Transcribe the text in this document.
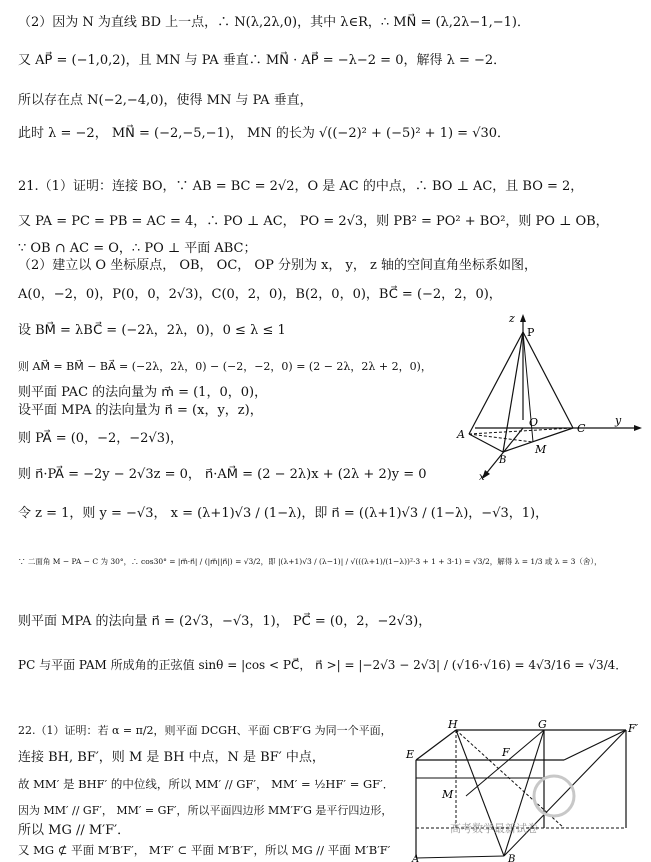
（2）因为 N 为直线 BD 上一点，∴ N(λ,2λ,0)，其中 λ∈R，∴ MN⃗ = (λ,2λ−1,−1)．
又 AP⃗ = (−1,0,2)，且 MN 与 PA 垂直∴ MN⃗ · AP⃗ = −λ−2 = 0，解得 λ = −2．
所以存在点 N(−2,−4,0)，使得 MN 与 PA 垂直，
此时 λ = −2， MN⃗ = (−2,−5,−1)， MN 的长为 √((−2)² + (−5)² + 1) = √30．
21.（1）证明：连接 BO，∵ AB = BC = 2√2，O 是 AC 的中点，∴ BO ⊥ AC，且 BO = 2，
又 PA = PC = PB = AC = 4，∴ PO ⊥ AC， PO = 2√3，则 PB² = PO² + BO²，则 PO ⊥ OB，
∵ OB ∩ AC = O，∴ PO ⊥ 平面 ABC；
（2）建立以 O 坐标原点， OB， OC， OP 分别为 x， y， z 轴的空间直角坐标系如图，
A(0，−2，0)，P(0，0，2√3)，C(0，2，0)，B(2，0，0)，BC⃗ = (−2，2，0)，
设 BM⃗ = λBC⃗ = (−2λ，2λ，0)，0 ≤ λ ≤ 1
则 AM⃗ = BM⃗ − BA⃗ = (−2λ，2λ，0) − (−2，−2，0) = (2 − 2λ，2λ + 2，0)，
则平面 PAC 的法向量为 m⃗ = (1，0，0)，
设平面 MPA 的法向量为 n⃗ = (x，y，z)，
则 PA⃗ = (0，−2，−2√3)，
则 n⃗·PA⃗ = −2y − 2√3z = 0， n⃗·AM⃗ = (2 − 2λ)x + (2λ + 2)y = 0
令 z = 1，则 y = −√3， x = (λ+1)√3 / (1−λ)，即 n⃗ = ((λ+1)√3 / (1−λ)，−√3，1)，
∵ 二面角 M − PA − C 为 30°，∴ cos30° = |m⃗·n⃗| / (|m⃗||n⃗|) = √3/2，即 |(λ+1)√3 / (λ−1)| / √(((λ+1)/(1−λ))²·3 + 1 + 3·1) = √3/2，解得 λ = 1/3 或 λ = 3（舍），
则平面 MPA 的法向量 n⃗ = (2√3，−√3，1)， PC⃗ = (0，2，−2√3)，
PC 与平面 PAM 所成角的正弦值 sinθ = |cos < PC⃗， n⃗ >| = |−2√3 − 2√3| / (√16·√16) = 4√3/16 = √3/4．
22.（1）证明：若 α = π/2，则平面 DCGH、平面 CB′F′G 为同一个平面，
连接 BH, BF′，则 M 是 BH 中点，N 是 BF′ 中点，
故 MM′ 是 BHF′ 的中位线，所以 MM′ // GF′， MM′ = ½HF′ = GF′．
因为 MM′ // GF′， MM′ = GF′，所以平面四边形 MM′F′G 是平行四边形，
所以 MG // M′F′．
又 MG ⊄ 平面 M′B′F′， M′F′ ⊂ 平面 M′B′F′，所以 MG // 平面 M′B′F′
z
P
A
O	C
y
B
M
x
H	G	F′
E	F
M
A	B
高考数学最新试卷
